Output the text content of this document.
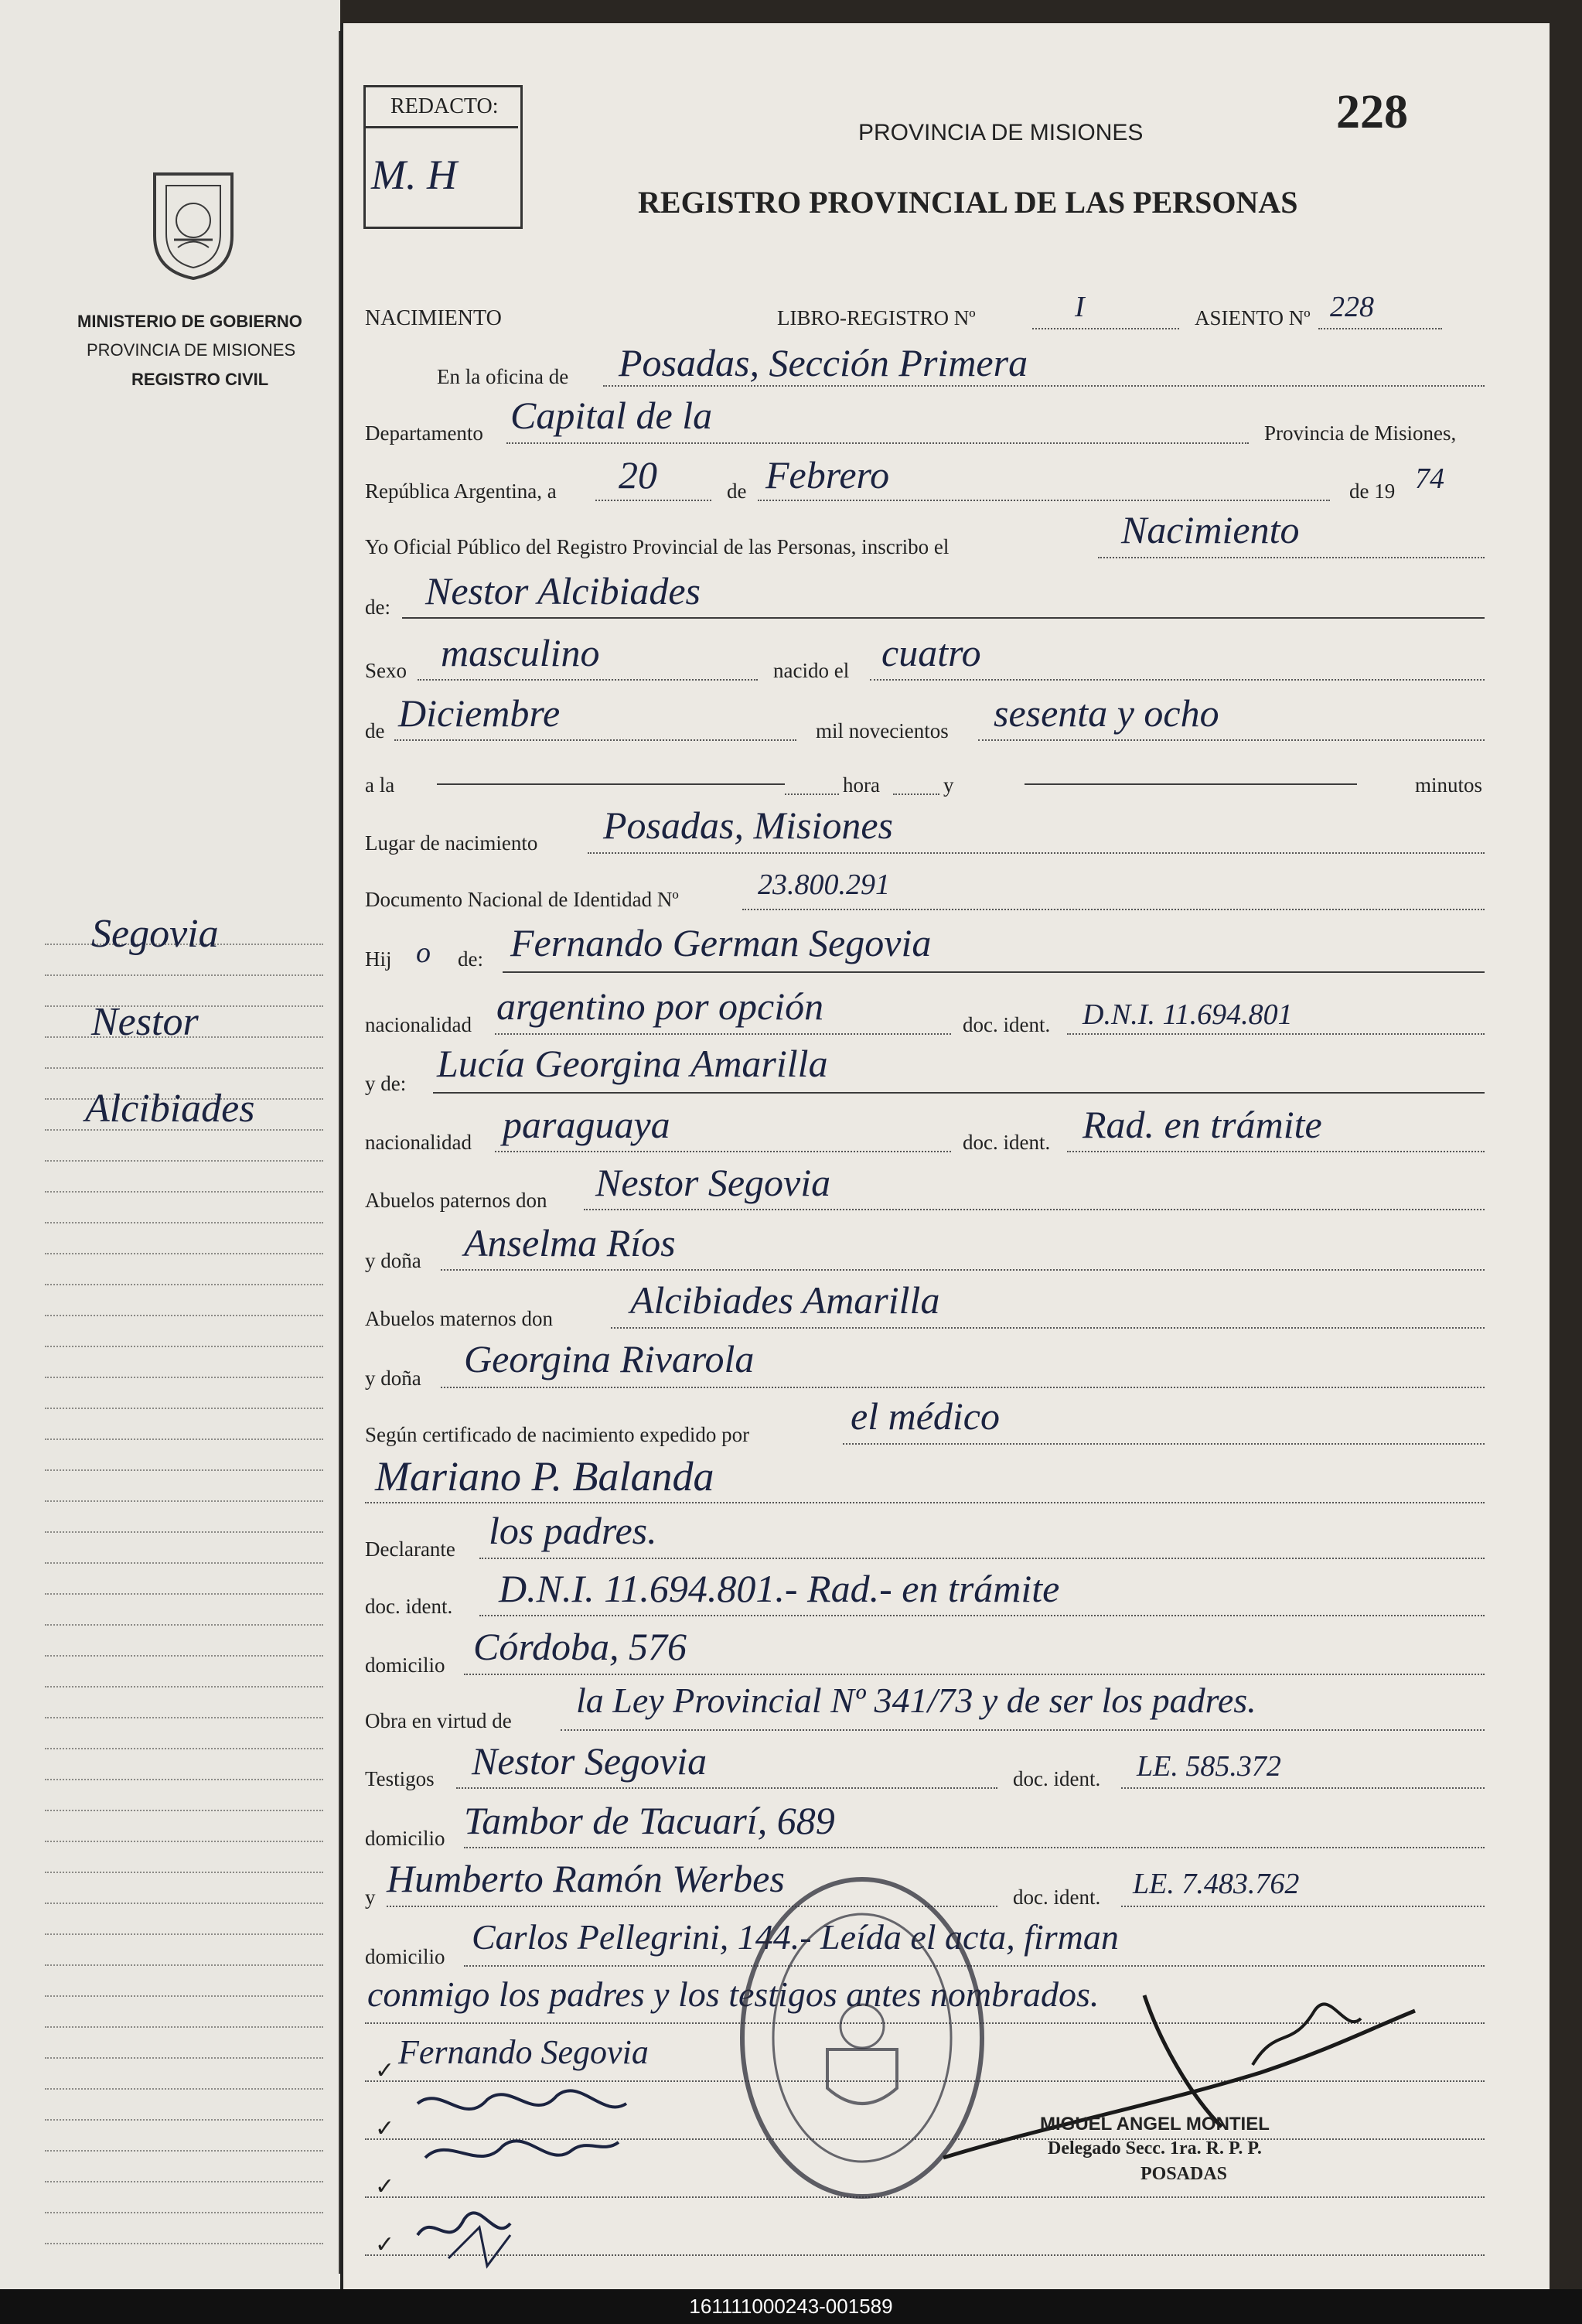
MINISTERIO DE GOBIERNO
PROVINCIA DE MISIONES
REGISTRO CIVIL
Segovia
Nestor
Alcibiades
REDACTO:
M. H
PROVINCIA DE MISIONES	228
REGISTRO PROVINCIAL DE LAS PERSONAS
NACIMIENTO	LIBRO-REGISTRO Nº	I	ASIENTO Nº 228
En la oficina de Posadas, Sección Primera
Departamento Capital de la	Provincia de Misiones,
República Argentina, a 20	de Febrero	de 19 74
Yo Oficial Público del Registro Provincial de las Personas, inscribo el	Nacimiento
de: Nestor Alcibiades
Sexo masculino	nacido el cuatro
de Diciembre	mil novecientos sesenta y ocho
a la	hora	y	minutos
Lugar de nacimiento Posadas, Misiones
Documento Nacional de Identidad Nº	23.800.291
Hij o de: Fernando German Segovia
nacionalidad argentino por opción	doc. ident. D.N.I. 11.694.801
y de: Lucía Georgina Amarilla
nacionalidad paraguaya	doc. ident. Rad. en trámite
Abuelos paternos don Nestor Segovia
y doña Anselma Ríos
Abuelos maternos don Alcibiades Amarilla
y doña Georgina Rivarola
Según certificado de nacimiento expedido por	el médico
Mariano P. Balanda
Declarante los padres.
doc. ident. D.N.I. 11.694.801.- Rad.- en trámite
domicilio Córdoba, 576
Obra en virtud de
la Ley Provincial Nº 341/73 y de ser los padres.
Testigos Nestor Segovia	doc. ident. LE. 585.372
domicilio Tambor de Tacuarí, 689
y Humberto Ramón Werbes	doc. ident. LE. 7.483.762
domicilio Carlos Pellegrini, 144.- Leída el acta, firman
conmigo los padres y los testigos antes nombrados.
Fernando Segovia
MIGUEL ANGEL MONTIEL
Delegado Secc. 1ra. R. P. P.
POSADAS
✓
✓
✓
✓
161111000243-001589
